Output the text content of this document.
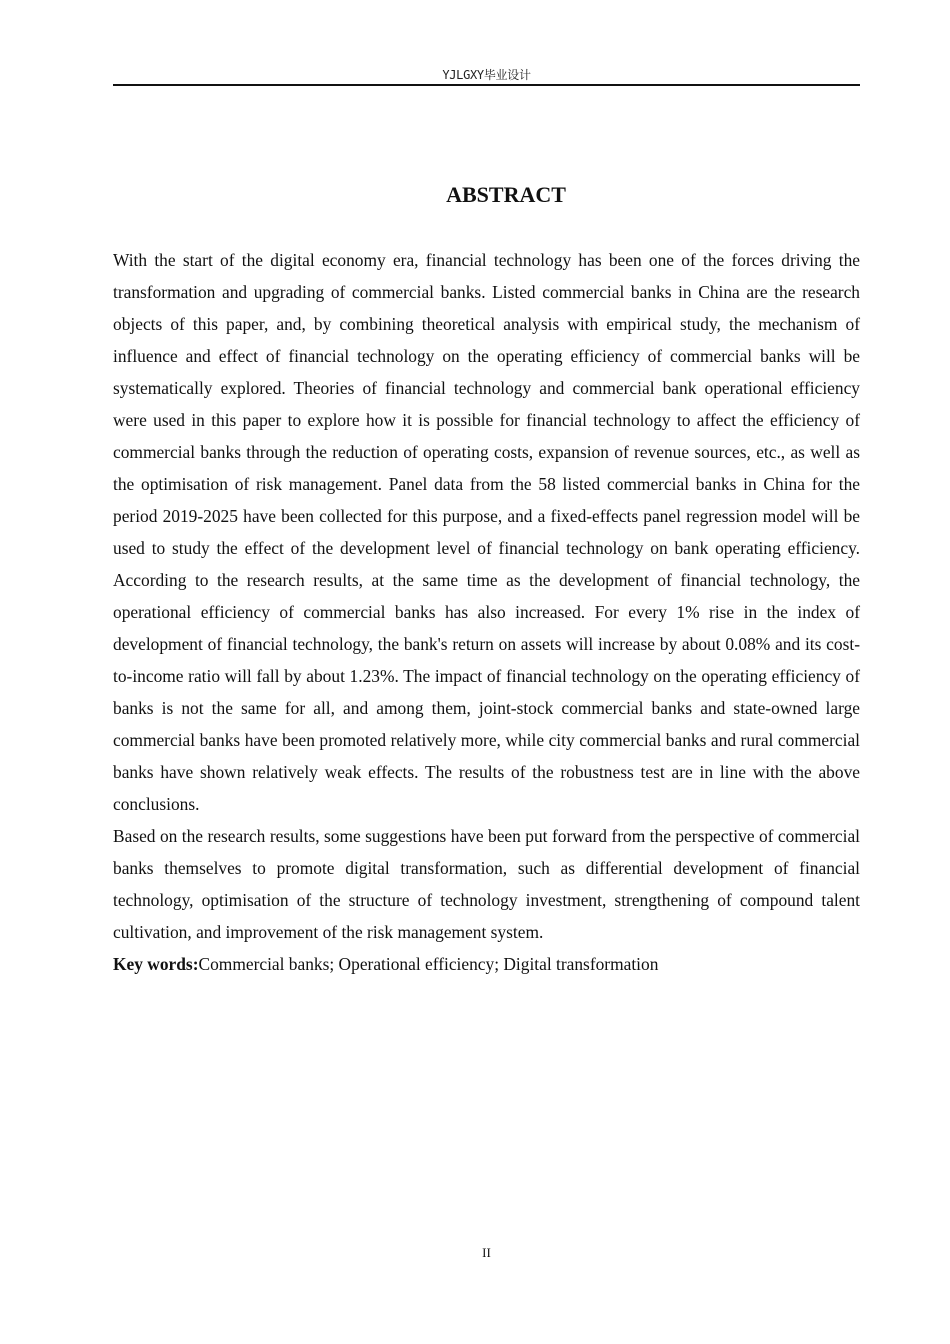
YJLGXY毕业设计
ABSTRACT

With the start of the digital economy era, financial technology has been one of the forces driving the transformation and upgrading of commercial banks. Listed commercial banks in China are the research objects of this paper, and, by combining theoretical analysis with empirical study, the mechanism of influence and effect of financial technology on the operating efficiency of commercial banks will be systematically explored. Theories of financial technology and commercial bank operational efficiency were used in this paper to explore how it is possible for financial technology to affect the efficiency of commercial banks through the reduction of operating costs, expansion of revenue sources, etc., as well as the optimisation of risk management. Panel data from the 58 listed commercial banks in China for the period 2019-2025 have been collected for this purpose, and a fixed-effects panel regression model will be used to study the effect of the development level of financial technology on bank operating efficiency. According to the research results, at the same time as the development of financial technology, the operational efficiency of commercial banks has also increased. For every 1% rise in the index of development of financial technology, the bank's return on assets will increase by about 0.08% and its cost-to-income ratio will fall by about 1.23%. The impact of financial technology on the operating efficiency of banks is not the same for all, and among them, joint-stock commercial banks and state-owned large commercial banks have been promoted relatively more, while city commercial banks and rural commercial banks have shown relatively weak effects. The results of the robustness test are in line with the above conclusions.

Based on the research results, some suggestions have been put forward from the perspective of commercial banks themselves to promote digital transformation, such as differential development of financial technology, optimisation of the structure of technology investment, strengthening of compound talent cultivation, and improvement of the risk management system.

Key words:Commercial banks; Operational efficiency; Digital transformation

II
